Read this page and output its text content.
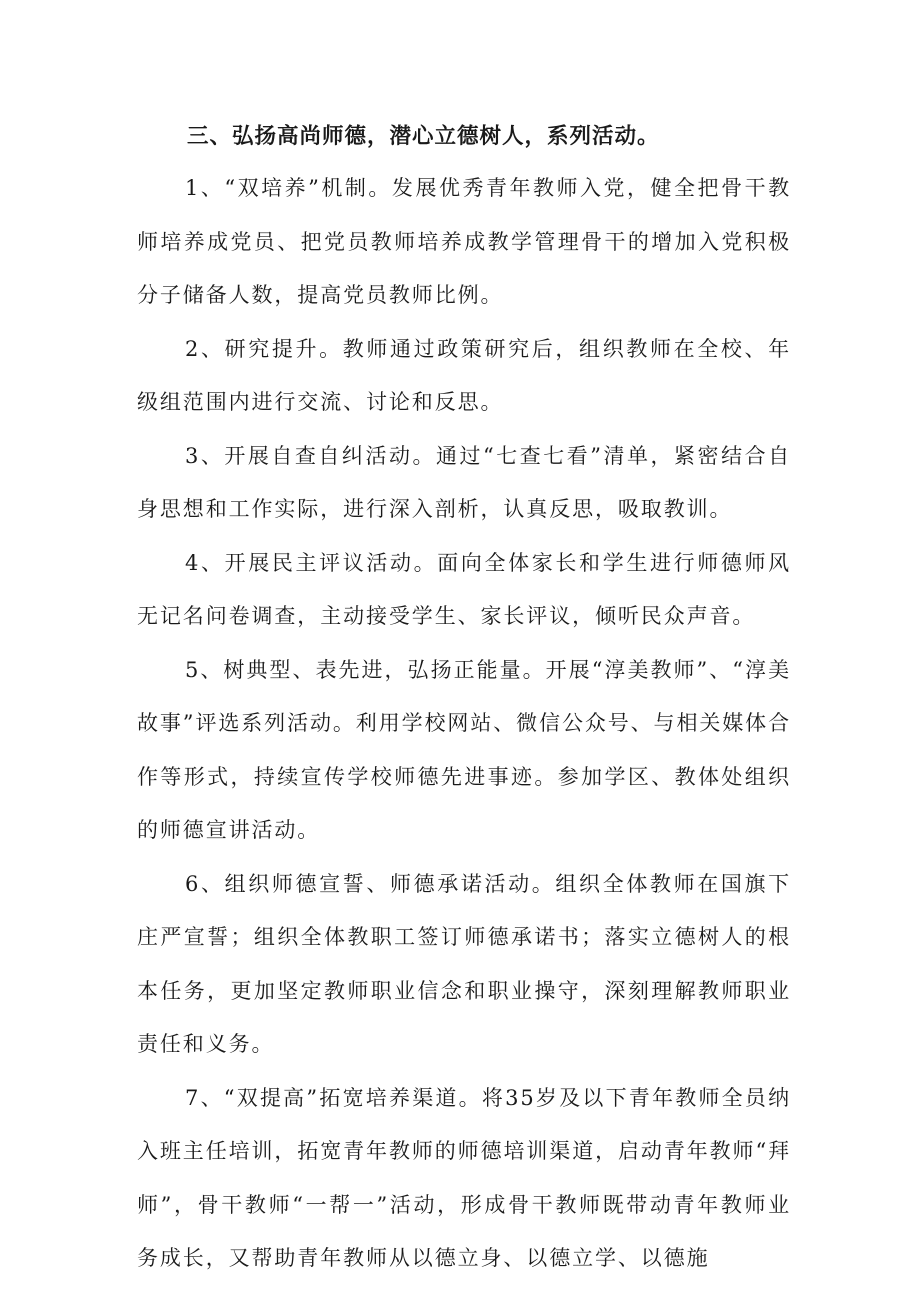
三、弘扬高尚师德，潜心立德树人，系列活动。

1、“双培养”机制。发展优秀青年教师入党，健全把骨干教师培养成党员、把党员教师培养成教学管理骨干的增加入党积极分子储备人数，提高党员教师比例。

2、研究提升。教师通过政策研究后，组织教师在全校、年级组范围内进行交流、讨论和反思。

3、开展自查自纠活动。通过“七查七看”清单，紧密结合自身思想和工作实际，进行深入剖析，认真反思，吸取教训。

4、开展民主评议活动。面向全体家长和学生进行师德师风无记名问卷调查，主动接受学生、家长评议，倾听民众声音。

5、树典型、表先进，弘扬正能量。开展“淳美教师”、“淳美故事”评选系列活动。利用学校网站、微信公众号、与相关媒体合作等形式，持续宣传学校师德先进事迹。参加学区、教体处组织的师德宣讲活动。

6、组织师德宣誓、师德承诺活动。组织全体教师在国旗下庄严宣誓；组织全体教职工签订师德承诺书；落实立德树人的根本任务，更加坚定教师职业信念和职业操守，深刻理解教师职业责任和义务。

7、“双提高”拓宽培养渠道。将35岁及以下青年教师全员纳入班主任培训，拓宽青年教师的师德培训渠道，启动青年教师“拜师”，骨干教师“一帮一”活动，形成骨干教师既带动青年教师业务成长，又帮助青年教师从以德立身、以德立学、以德施
